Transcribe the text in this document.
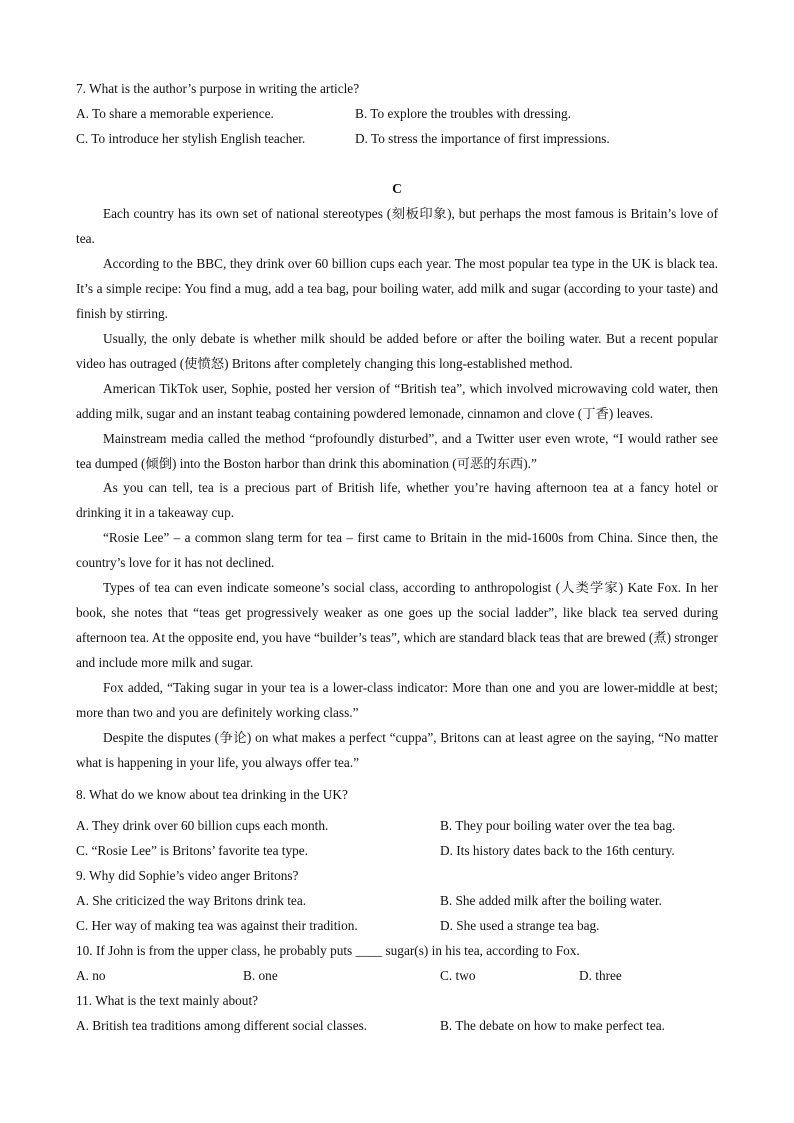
7. What is the author’s purpose in writing the article?
A. To share a memorable experience.	B. To explore the troubles with dressing.
C. To introduce her stylish English teacher.	D. To stress the importance of first impressions.
C

Each country has its own set of national stereotypes (刻板印象), but perhaps the most famous is Britain’s love of tea.

According to the BBC, they drink over 60 billion cups each year. The most popular tea type in the UK is black tea. It’s a simple recipe: You find a mug, add a tea bag, pour boiling water, add milk and sugar (according to your taste) and finish by stirring.

Usually, the only debate is whether milk should be added before or after the boiling water. But a recent popular video has outraged (使愤怒) Britons after completely changing this long-established method.

American TikTok user, Sophie, posted her version of “British tea”, which involved microwaving cold water, then adding milk, sugar and an instant teabag containing powdered lemonade, cinnamon and clove (丁香) leaves.

Mainstream media called the method “profoundly disturbed”, and a Twitter user even wrote, “I would rather see tea dumped (倾倒) into the Boston harbor than drink this abomination (可恶的东西).”

As you can tell, tea is a precious part of British life, whether you’re having afternoon tea at a fancy hotel or drinking it in a takeaway cup.

“Rosie Lee” – a common slang term for tea – first came to Britain in the mid-1600s from China. Since then, the country’s love for it has not declined.

Types of tea can even indicate someone’s social class, according to anthropologist (人类学家) Kate Fox. In her book, she notes that “teas get progressively weaker as one goes up the social ladder”, like black tea served during afternoon tea. At the opposite end, you have “builder’s teas”, which are standard black teas that are brewed (煮) stronger and include more milk and sugar.

Fox added, “Taking sugar in your tea is a lower-class indicator: More than one and you are lower-middle at best; more than two and you are definitely working class.”

Despite the disputes (争论) on what makes a perfect “cuppa”, Britons can at least agree on the saying, “No matter what is happening in your life, you always offer tea.”

8. What do we know about tea drinking in the UK?
A. They drink over 60 billion cups each month.	B. They pour boiling water over the tea bag.
C. “Rosie Lee” is Britons’ favorite tea type.	D. Its history dates back to the 16th century.
9. Why did Sophie’s video anger Britons?
A. She criticized the way Britons drink tea.	B. She added milk after the boiling water.
C. Her way of making tea was against their tradition.	D. She used a strange tea bag.
10. If John is from the upper class, he probably puts ____ sugar(s) in his tea, according to Fox.
A. no	B. one	C. two	D. three
11. What is the text mainly about?
A. British tea traditions among different social classes.	B. The debate on how to make perfect tea.
